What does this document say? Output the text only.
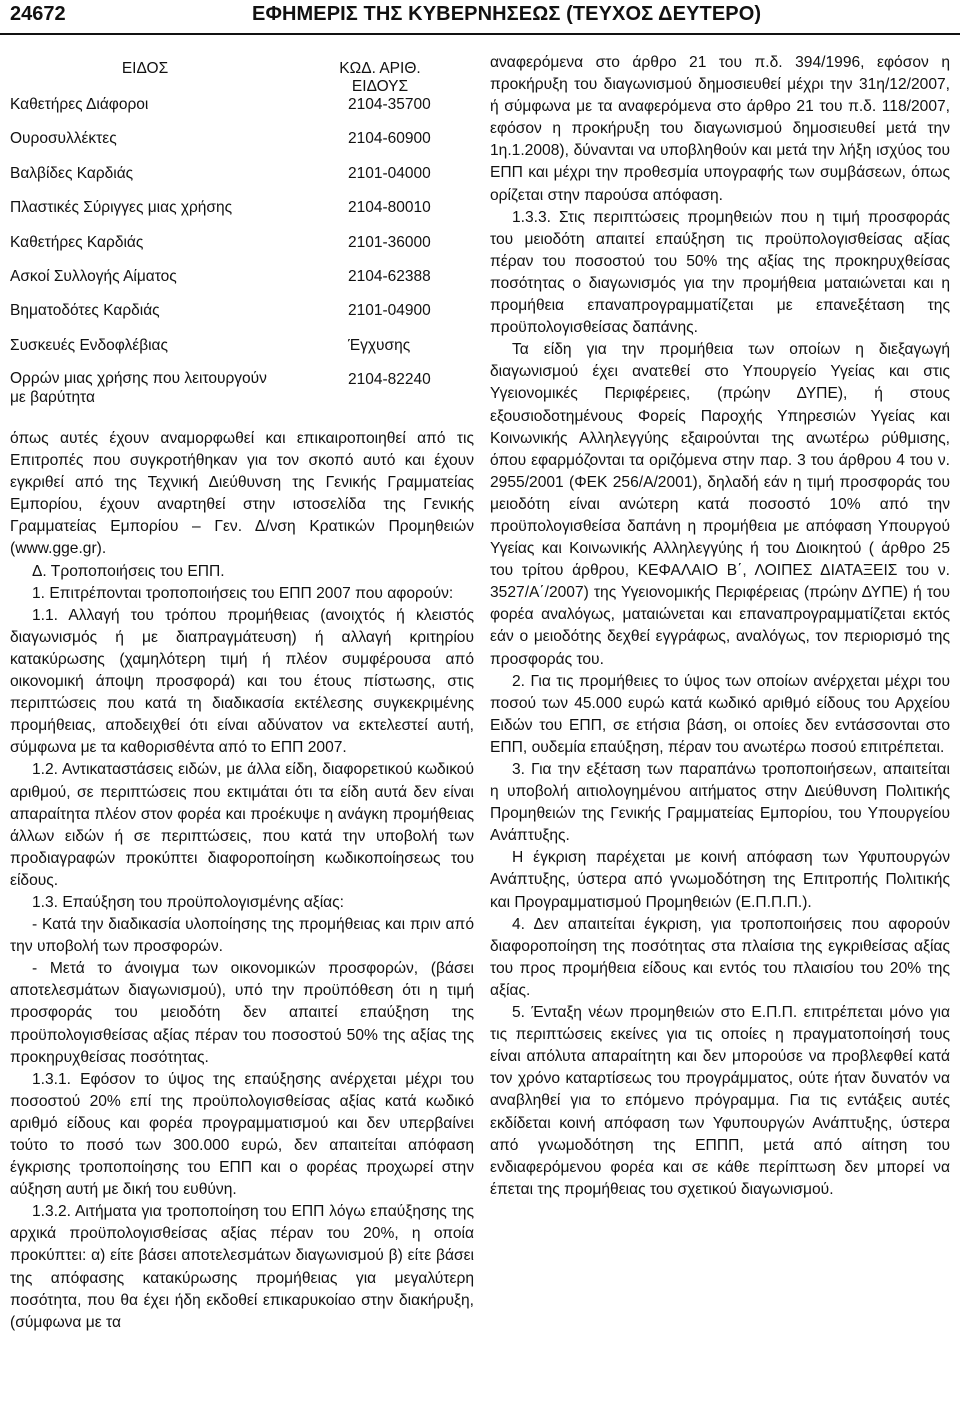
24672	ΕΦΗΜΕΡΙΣ ΤΗΣ ΚΥΒΕΡΝΗΣΕΩΣ (ΤΕΥΧΟΣ ΔΕΥΤΕΡΟ)
ΕΙΔΟΣ	ΚΩΔ. ΑΡΙΘ. ΕΙΔΟΥΣ

Καθετήρες Διάφοροι	2104-35700
Ουροσυλλέκτες	2104-60900
Βαλβίδες Καρδιάς	2101-04000
Πλαστικές Σύριγγες μιας χρήσης	2104-80010
Καθετήρες Καρδιάς	2101-36000
Ασκοί Συλλογής Αίματος	2104-62388
Βηματοδότες Καρδιάς	2101-04900
Συσκευές Ενδοφλέβιας	Έγχυσης

Ορρών μιας χρήσης που λειτουργούν
με βαρύτητα	2104-82240

όπως αυτές έχουν αναμορφωθεί και επικαιροποιηθεί από τις Επιτροπές που συγκροτήθηκαν για τον σκοπό αυτό και έχουν εγκριθεί από της Τεχνική Διεύθυνση της Γενικής Γραμματείας Εμπορίου, έχουν αναρτηθεί στην ιστοσελίδα της Γενικής Γραμματείας Εμπορίου – Γεν. Δ/νση Κρατικών Προμηθειών (www.gge.gr).

Δ. Τροποποιήσεις του ΕΠΠ.

1. Επιτρέπονται τροποποιήσεις του ΕΠΠ 2007 που αφορούν:

1.1. Αλλαγή του τρόπου προμήθειας (ανοιχτός ή κλειστός διαγωνισμός ή με διαπραγμάτευση) ή αλλαγή κριτηρίου κατακύρωσης (χαμηλότερη τιμή ή πλέον συμφέρουσα από οικονομική άποψη προσφορά) και του έτους πίστωσης, στις περιπτώσεις που κατά τη διαδικασία εκτέλεσης συγκεκριμένης προμήθειας, αποδειχθεί ότι είναι αδύνατον να εκτελεστεί αυτή, σύμφωνα με τα καθορισθέντα από το ΕΠΠ 2007.

1.2. Αντικαταστάσεις ειδών, με άλλα είδη, διαφορετικού κωδικού αριθμού, σε περιπτώσεις που εκτιμάται ότι τα είδη αυτά δεν είναι απαραίτητα πλέον στον φορέα και προέκυψε η ανάγκη προμήθειας άλλων ειδών ή σε περιπτώσεις, που κατά την υποβολή των προδιαγραφών προκύπτει διαφοροποίηση κωδικοποίησεως του είδους.

1.3. Επαύξηση του προϋπολογισμένης αξίας:

- Κατά την διαδικασία υλοποίησης της προμήθειας και πριν από την υποβολή των προσφορών.

- Μετά το άνοιγμα των οικονομικών προσφορών, (βάσει αποτελεσμάτων διαγωνισμού), υπό την προϋπόθεση ότι η τιμή προσφοράς του μειοδότη δεν απαιτεί επαύξηση της προϋπολογισθείσας αξίας πέραν του ποσοστού 50% της αξίας της προκηρυχθείσας ποσότητας.

1.3.1. Εφόσον το ύψος της επαύξησης ανέρχεται μέχρι του ποσοστού 20% επί της προϋπολογισθείσας αξίας κατά κωδικό αριθμό είδους και φορέα προγραμματισμού και δεν υπερβαίνει τούτο το ποσό των 300.000 ευρώ, δεν απαιτείται απόφαση έγκρισης τροποποίησης του ΕΠΠ και ο φορέας προχωρεί στην αύξηση αυτή με δική του ευθύνη.

1.3.2. Αιτήματα για τροποποίηση του ΕΠΠ λόγω επαύξησης της αρχικά προϋπολογισθείσας αξίας πέραν του 20%, η οποία προκύπτει: α) είτε βάσει αποτελεσμάτων διαγωνισμού β) είτε βάσει της απόφασης κατακύρωσης προμήθειας για μεγαλύτερη ποσότητα, που θα έχει ήδη εκδοθεί επικαρυκοίαο στην διακήρυξη, (σύμφωνα με τα

αναφερόμενα στο άρθρο 21 του π.δ. 394/1996, εφόσον η προκήρυξη του διαγωνισμού δημοσιευθεί μέχρι την 31η/12/2007, ή σύμφωνα με τα αναφερόμενα στο άρθρο 21 του π.δ. 118/2007, εφόσον η προκήρυξη του διαγωνισμού δημοσιευθεί μετά την 1η.1.2008), δύνανται να υποβληθούν και μετά την λήξη ισχύος του ΕΠΠ και μέχρι την προθεσμία υπογραφής των συμβάσεων, όπως ορίζεται στην παρούσα απόφαση.

1.3.3. Στις περιπτώσεις προμηθειών που η τιμή προσφοράς του μειοδότη απαιτεί επαύξηση τις προϋπολογισθείσας αξίας πέραν του ποσοστού του 50% της αξίας της προκηρυχθείσας ποσότητας ο διαγωνισμός για την προμήθεια ματαιώνεται και η προμήθεια επαναπρογραμματίζεται με επανεξέταση της προϋπολογισθείσας δαπάνης.

Τα είδη για την προμήθεια των οποίων η διεξαγωγή διαγωνισμού έχει ανατεθεί στο Υπουργείο Υγείας και στις Υγειονομικές Περιφέρειες, (πρώην ΔΥΠΕ), ή στους εξουσιοδοτημένους Φορείς Παροχής Υπηρεσιών Υγείας και Κοινωνικής Αλληλεγγύης εξαιρούνται της ανωτέρω ρύθμισης, όπου εφαρμόζονται τα οριζόμενα στην παρ. 3 του άρθρου 4 του ν. 2955/2001 (ΦΕΚ 256/Α/2001), δηλαδή εάν η τιμή προσφοράς του μειοδότη είναι ανώτερη κατά ποσοστό 10% από την προϋπολογισθείσα δαπάνη η προμήθεια με απόφαση Υπουργού Υγείας και Κοινωνικής Αλληλεγγύης ή του Διοικητού ( άρθρο 25 του τρίτου άρθρου, ΚΕΦΑΛΑΙΟ Β΄, ΛΟΙΠΕΣ ΔΙΑΤΑΞΕΙΣ του ν. 3527/Α΄/2007) της Υγειονομικής Περιφέρειας (πρώην ΔΥΠΕ) ή του φορέα αναλόγως, ματαιώνεται και επαναπρογραμματίζεται εκτός εάν ο μειοδότης δεχθεί εγγράφως, αναλόγως, τον περιορισμό της προσφοράς του.

2. Για τις προμήθειες το ύψος των οποίων ανέρχεται μέχρι του ποσού των 45.000 ευρώ κατά κωδικό αριθμό είδους του Αρχείου Ειδών του ΕΠΠ, σε ετήσια βάση, οι οποίες δεν εντάσσονται στο ΕΠΠ, ουδεμία επαύξηση, πέραν του ανωτέρω ποσού επιτρέπεται.

3. Για την εξέταση των παραπάνω τροποποιήσεων, απαιτείται η υποβολή αιτιολογημένου αιτήματος στην Διεύθυνση Πολιτικής Προμηθειών της Γενικής Γραμματείας Εμπορίου, του Υπουργείου Ανάπτυξης.

Η έγκριση παρέχεται με κοινή απόφαση των Υφυπουργών Ανάπτυξης, ύστερα από γνωμοδότηση της Επιτροπής Πολιτικής και Προγραμματισμού Προμηθειών (Ε.Π.Π.Π.).

4. Δεν απαιτείται έγκριση, για τροποποιήσεις που αφορούν διαφοροποίηση της ποσότητας στα πλαίσια της εγκριθείσας αξίας του προς προμήθεια είδους και εντός του πλαισίου του 20% της αξίας.

5. Ένταξη νέων προμηθειών στο Ε.Π.Π. επιτρέπεται μόνο για τις περιπτώσεις εκείνες για τις οποίες η πραγματοποίησή τους είναι απόλυτα απαραίτητη και δεν μπορούσε να προβλεφθεί κατά τον χρόνο καταρτίσεως του προγράμματος, ούτε ήταν δυνατόν να αναβληθεί για το επόμενο πρόγραμμα. Για τις εντάξεις αυτές εκδίδεται κοινή απόφαση των Υφυπουργών Ανάπτυξης, ύστερα από γνωμοδότηση της ΕΠΠΠ, μετά από αίτηση του ενδιαφερόμενου φορέα και σε κάθε περίπτωση δεν μπορεί να έπεται της προμήθειας του σχετικού διαγωνισμού.
